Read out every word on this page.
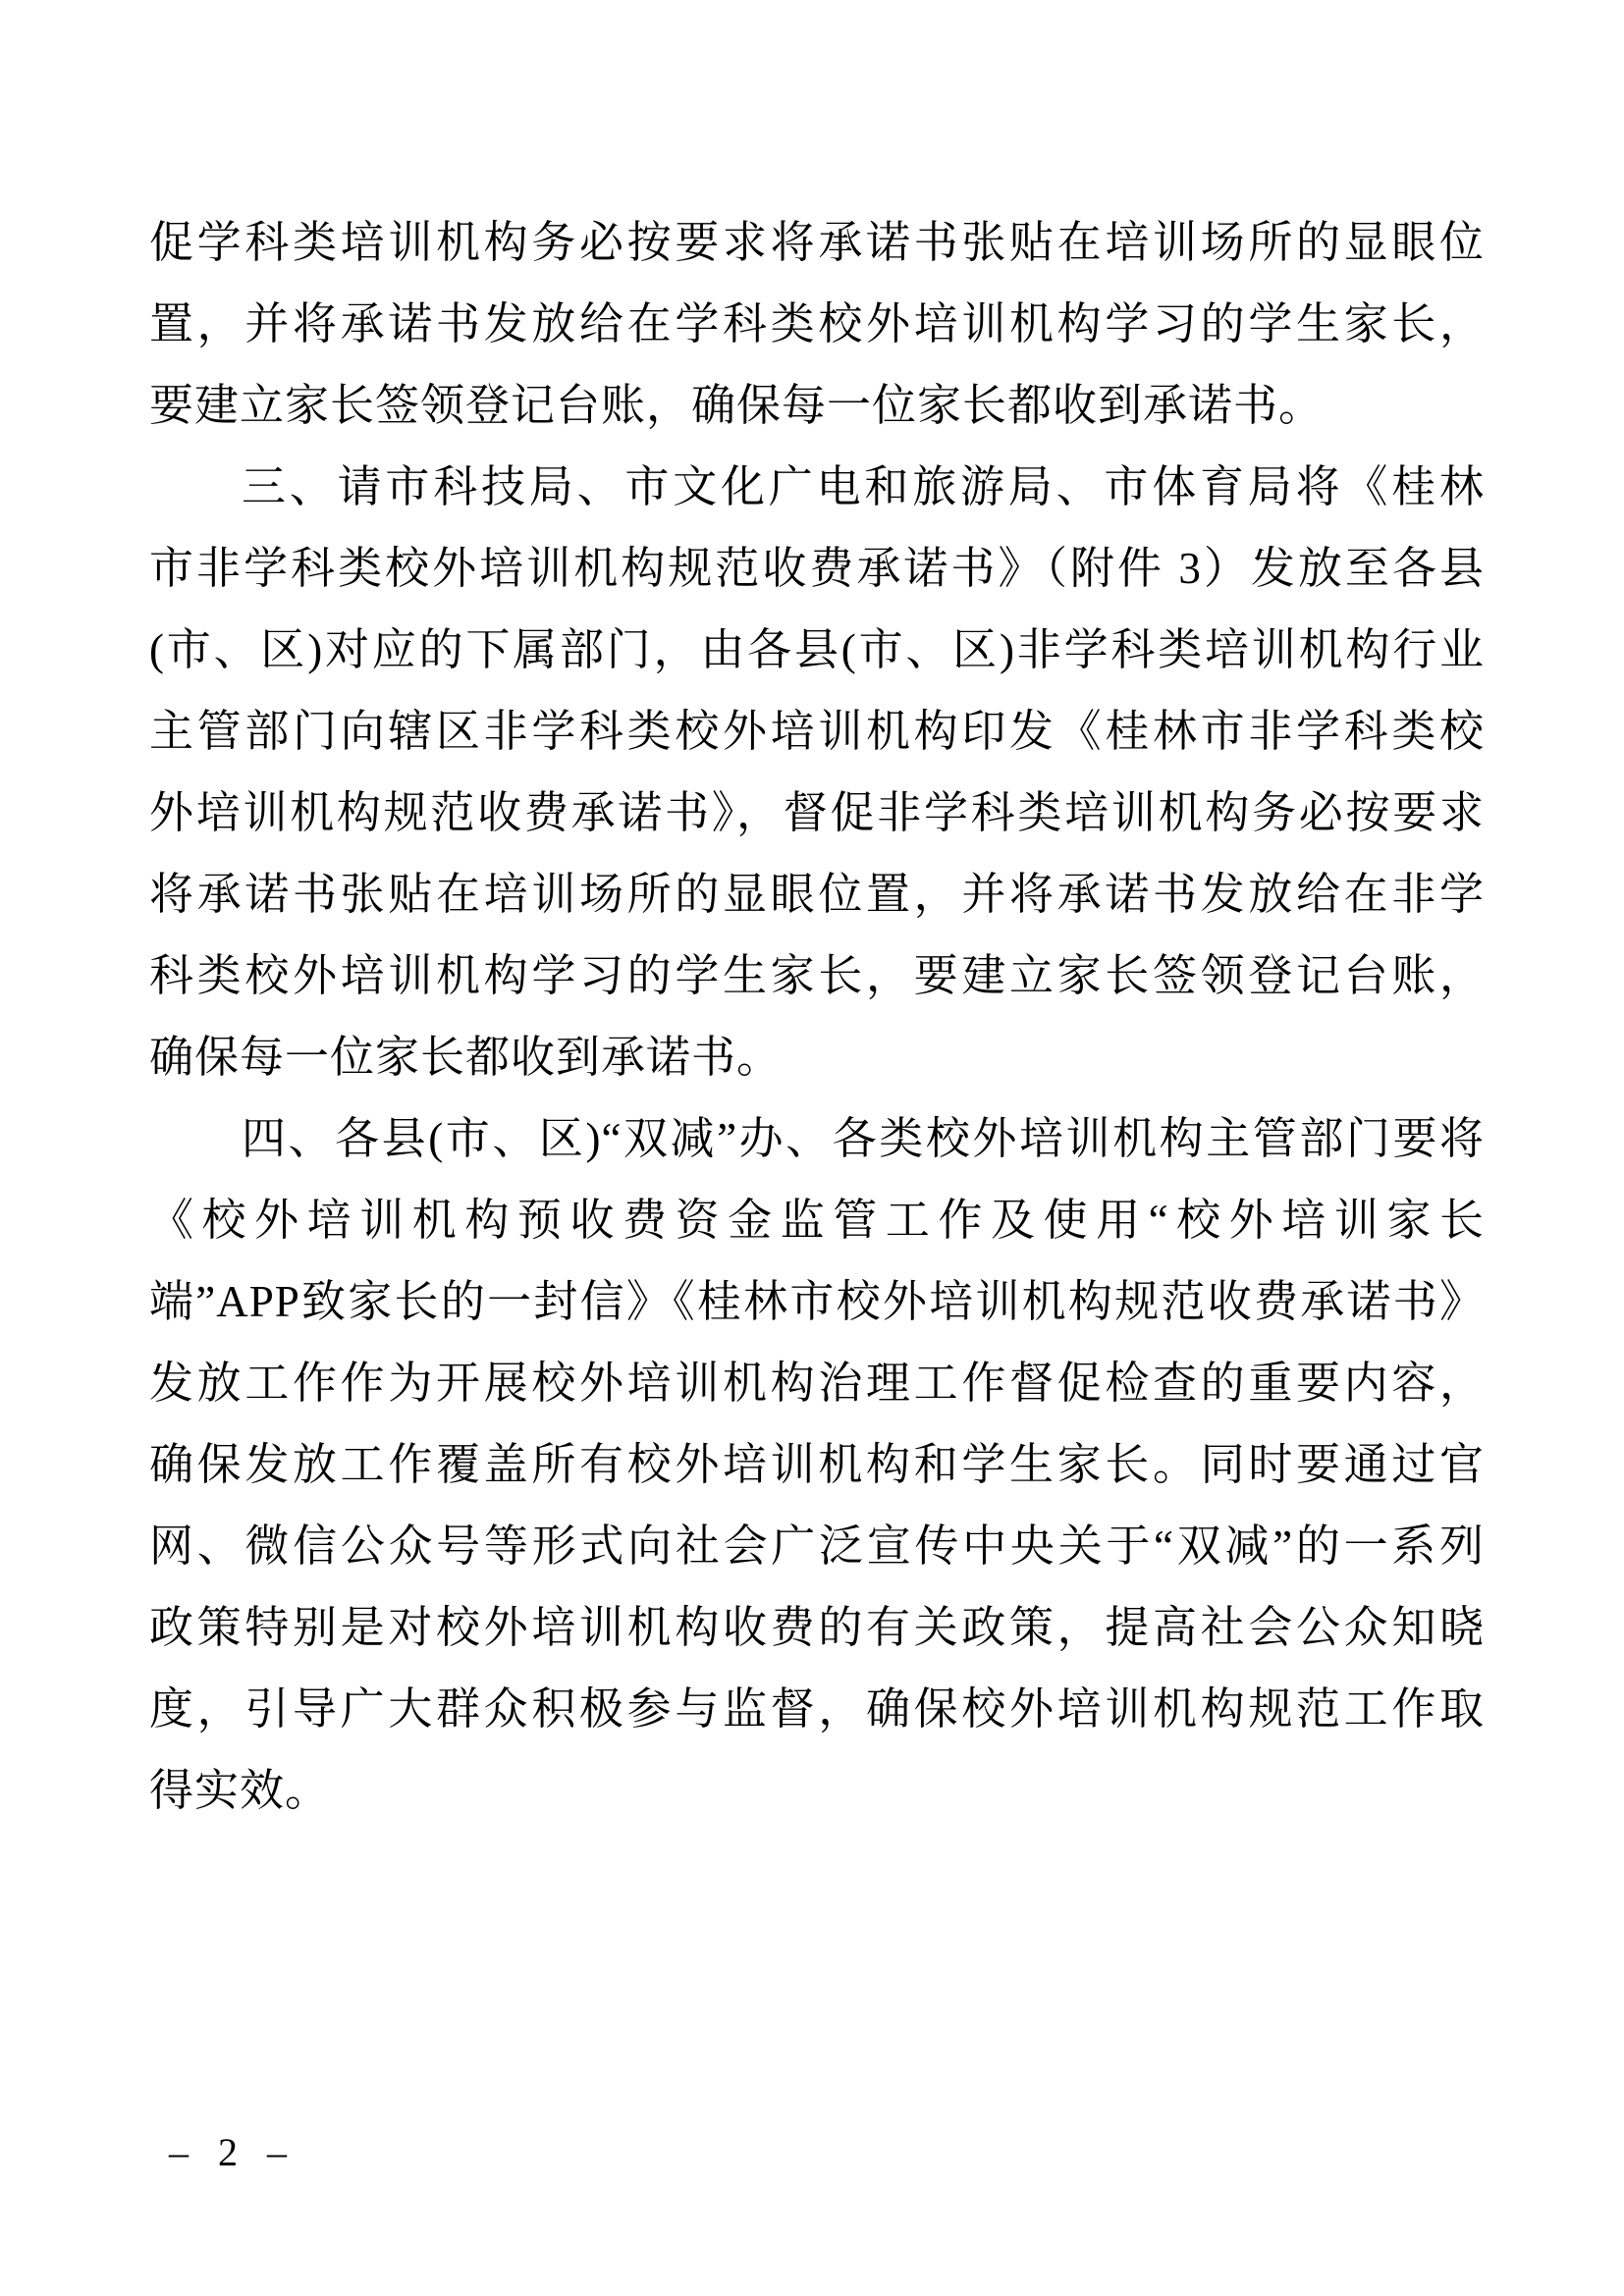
促学科类培训机构务必按要求将承诺书张贴在培训场所的显眼位
置，并将承诺书发放给在学科类校外培训机构学习的学生家长，
要建立家长签领登记台账，确保每一位家长都收到承诺书。
三、请市科技局、市文化广电和旅游局、市体育局将《桂林
市非学科类校外培训机构规范收费承诺书》（附件 3）发放至各县
(市、区)对应的下属部门，由各县(市、区)非学科类培训机构行业
主管部门向辖区非学科类校外培训机构印发《桂林市非学科类校
外培训机构规范收费承诺书》，督促非学科类培训机构务必按要求
将承诺书张贴在培训场所的显眼位置，并将承诺书发放给在非学
科类校外培训机构学习的学生家长，要建立家长签领登记台账，
确保每一位家长都收到承诺书。
四、各县(市、区)“双减”办、各类校外培训机构主管部门要将
《校外培训机构预收费资金监管工作及使用“校外培训家长
端”APP致家长的一封信》《桂林市校外培训机构规范收费承诺书》
发放工作作为开展校外培训机构治理工作督促检查的重要内容，
确保发放工作覆盖所有校外培训机构和学生家长。同时要通过官
网、微信公众号等形式向社会广泛宣传中央关于“双减”的一系列
政策特别是对校外培训机构收费的有关政策，提高社会公众知晓
度，引导广大群众积极参与监督，确保校外培训机构规范工作取
得实效。
– 2 –
